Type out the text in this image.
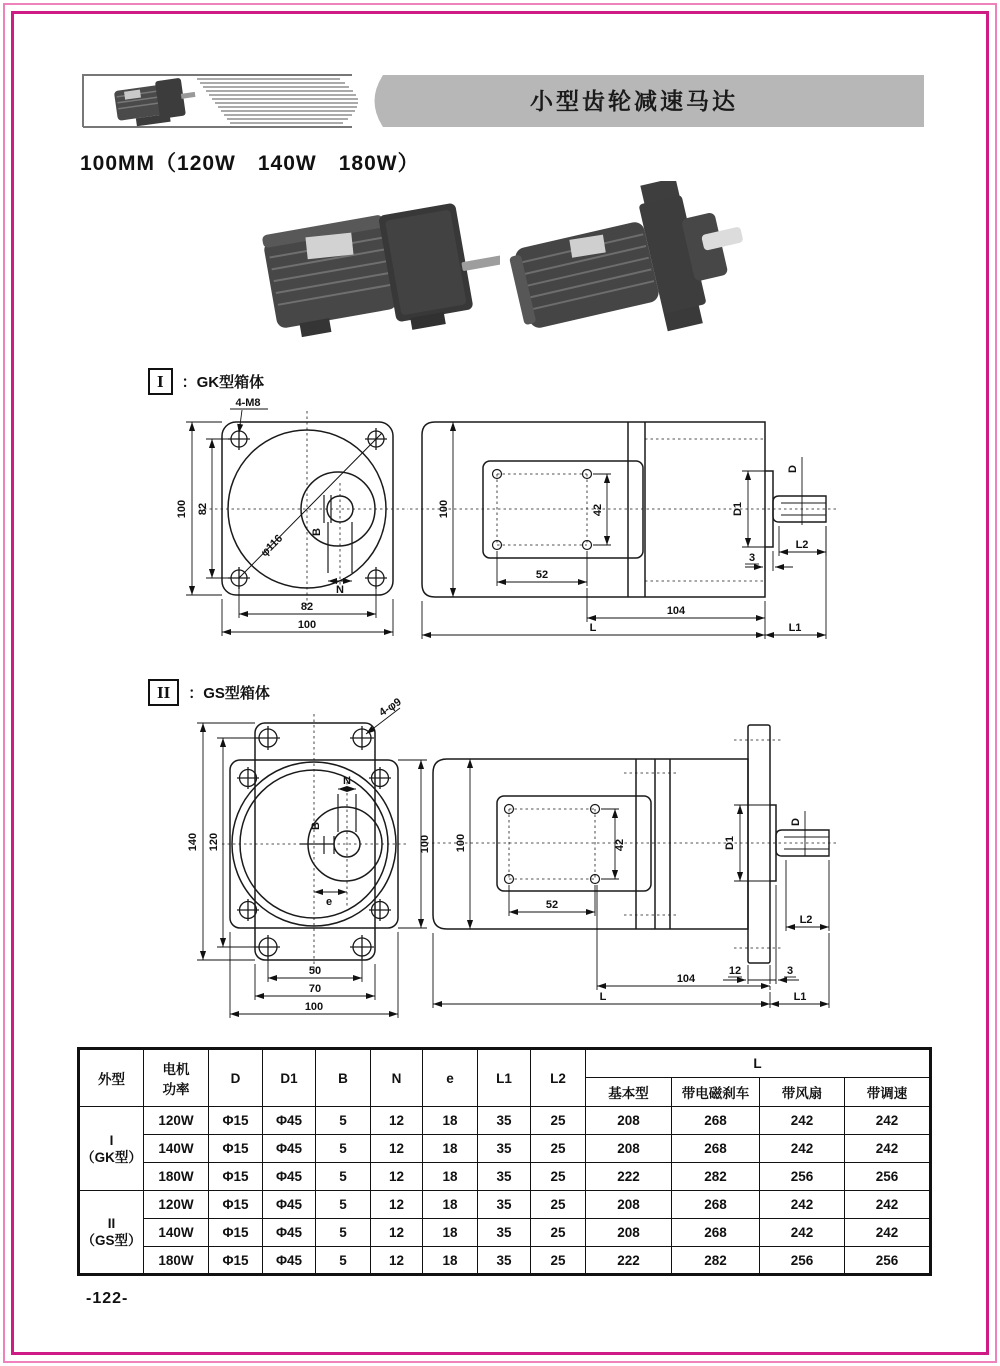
小型齿轮减速马达
100MM（120W　140W　180W）
I	：GK型箱体
4-M8
100 82
φ116
B
N
82
100
100	42
52
D1
D
L2
3
104
L	L1
II	：GS型箱体
4-φ9
140 120	100
N
B
e
50
70
100
100	42
52
D1
D
L2
12	3
104
L	L1
外型	电机
功率	D	D1	B	N	e	L1	L2	L			
									基本型	带电磁刹车	带风扇	带调速

I
（GK型）	120W	Φ15	Φ45	5	12	18	35	25	208	268	242	242
	140W	Φ15	Φ45	5	12	18	35	25	208	268	242	242
	180W	Φ15	Φ45	5	12	18	35	25	222	282	256	256

II
（GS型）	120W	Φ15	Φ45	5	12	18	35	25	208	268	242	242
	140W	Φ15	Φ45	5	12	18	35	25	208	268	242	242
	180W	Φ15	Φ45	5	12	18	35	25	222	282	256	256
-122-
